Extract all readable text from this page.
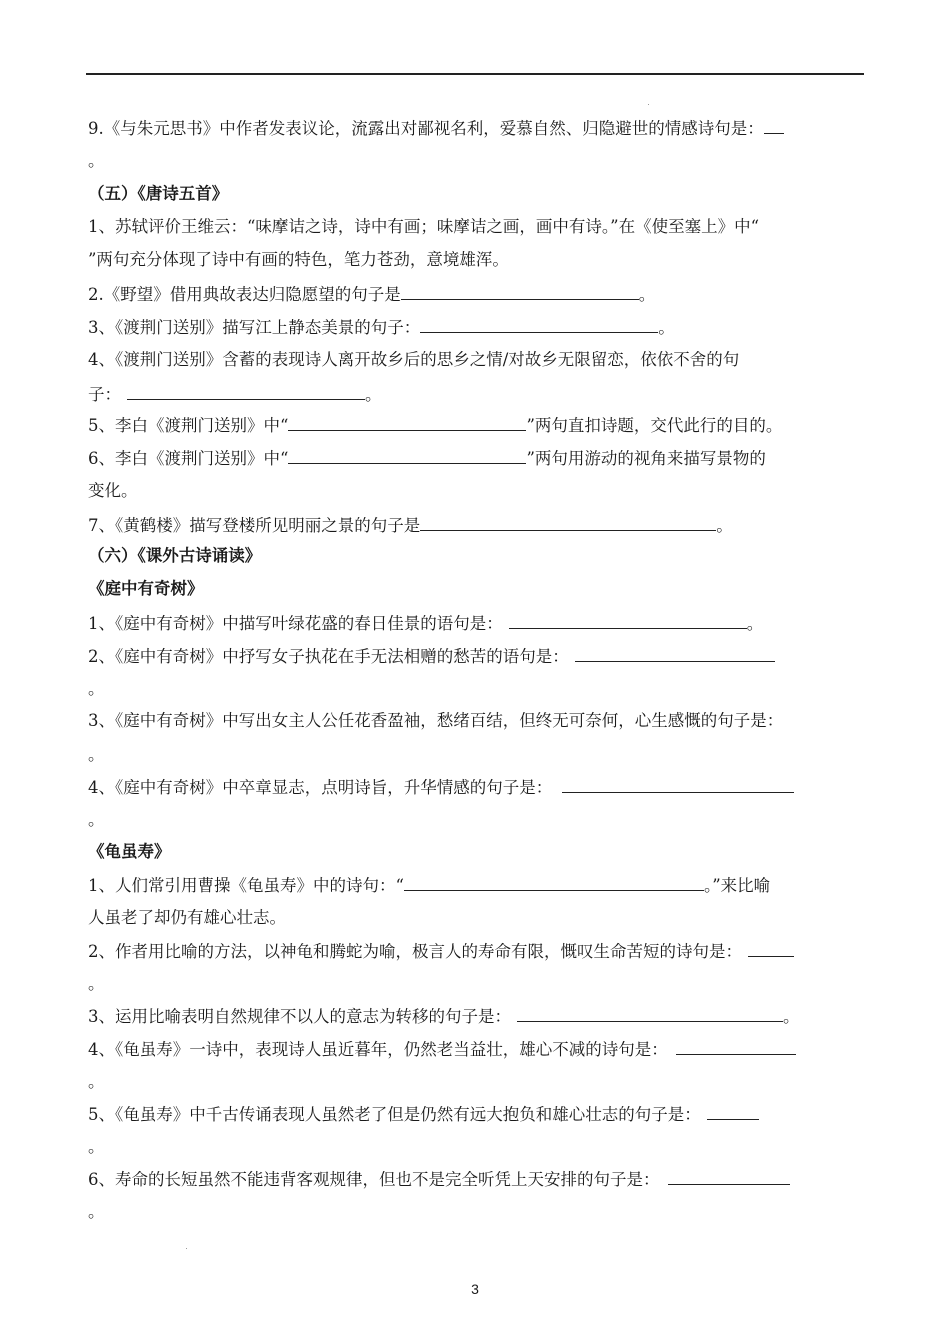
9.《与朱元思书》中作者发表议论，流露出对鄙视名利，爱慕自然、归隐避世的情感诗句是：
。
（五）《唐诗五首》
1、苏轼评价王维云：“味摩诘之诗，诗中有画；味摩诘之画，画中有诗。”在《使至塞上》中“
”两句充分体现了诗中有画的特色，笔力苍劲，意境雄浑。
2.《野望》借用典故表达归隐愿望的句子是	。
3、《渡荆门送别》描写江上静态美景的句子：	。
4、《渡荆门送别》含蓄的表现诗人离开故乡后的思乡之情/对故乡无限留恋，依依不舍的句
子：	。
5、李白《渡荆门送别》中“	”两句直扣诗题，交代此行的目的。
6、李白《渡荆门送别》中“	”两句用游动的视角来描写景物的
变化。
7、《黄鹤楼》描写登楼所见明丽之景的句子是	。
（六）《课外古诗诵读》
《庭中有奇树》
1、《庭中有奇树》中描写叶绿花盛的春日佳景的语句是：	。
2、《庭中有奇树》中抒写女子执花在手无法相赠的愁苦的语句是：
。
3、《庭中有奇树》中写出女主人公任花香盈袖，愁绪百结，但终无可奈何，心生感慨的句子是：
。
4、《庭中有奇树》中卒章显志，点明诗旨，升华情感的句子是：
。
《龟虽寿》
1、人们常引用曹操《龟虽寿》中的诗句：“	。”来比喻
人虽老了却仍有雄心壮志。
2、作者用比喻的方法，以神龟和腾蛇为喻，极言人的寿命有限，慨叹生命苦短的诗句是：
。
3、运用比喻表明自然规律不以人的意志为转移的句子是：	。
4、《龟虽寿》一诗中，表现诗人虽近暮年，仍然老当益壮，雄心不减的诗句是：
。
5、《龟虽寿》中千古传诵表现人虽然老了但是仍然有远大抱负和雄心壮志的句子是：
。
6、寿命的长短虽然不能违背客观规律，但也不是完全听凭上天安排的句子是：
。
3
